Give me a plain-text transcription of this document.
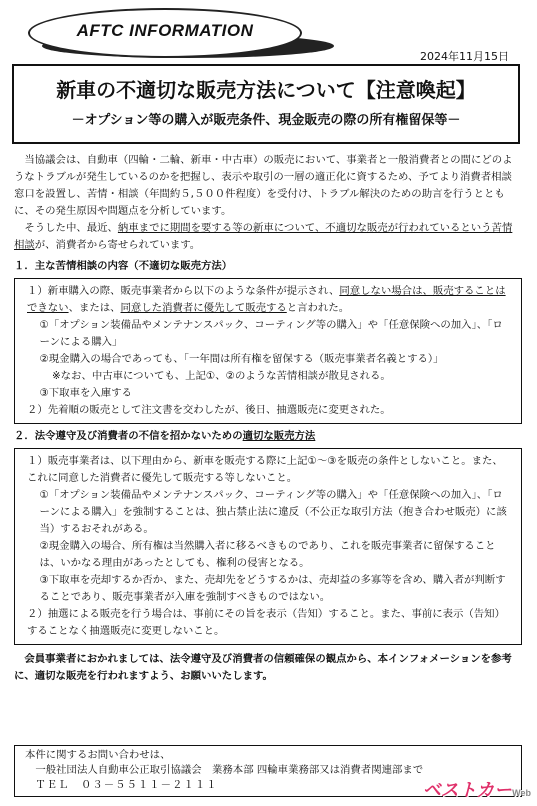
AFTC INFORMATION
2024年11月15日
新車の不適切な販売方法について【注意喚起】
－オプション等の購入が販売条件、現金販売の際の所有権留保等－

当協議会は、自動車（四輪・二輪、新車・中古車）の販売において、事業者と一般消費者との間にどのようなトラブルが発生しているのかを把握し、表示や取引の一層の適正化に資するため、予てより消費者相談窓口を設置し、苦情・相談（年間約５,５００件程度）を受付け、トラブル解決のための助言を行うとともに、その発生原因や問題点を分析しています。

そうした中、最近、納車までに期間を要する等の新車について、不適切な販売が行われているという苦情相談が、消費者から寄せられています。

１．主な苦情相談の内容（不適切な販売方法）
１）新車購入の際、販売事業者から以下のような条件が提示され、同意しない場合は、販売することはできない、または、同意した消費者に優先して販売すると言われた。
①「オプション装備品やメンテナンスパック、コーティング等の購入」や「任意保険への加入」、「ローンによる購入」
②現金購入の場合であっても、「一年間は所有権を留保する（販売事業者名義とする）」
※なお、中古車についても、上記①、②のような苦情相談が散見される。
③下取車を入庫する
２）先着順の販売として注文書を交わしたが、後日、抽選販売に変更された。
２．法令遵守及び消費者の不信を招かないための適切な販売方法
１）販売事業者は、以下理由から、新車を販売する際に上記①～③を販売の条件としないこと。また、これに同意した消費者に優先して販売する等しないこと。
①「オプション装備品やメンテナンスパック、コーティング等の購入」や「任意保険への加入」、「ローンによる購入」を強制することは、独占禁止法に違反（不公正な取引方法（抱き合わせ販売）に該当）するおそれがある。
②現金購入の場合、所有権は当然購入者に移るべきものであり、これを販売事業者に留保することは、いかなる理由があったとしても、権利の侵害となる。
③下取車を売却するか否か、また、売却先をどうするかは、売却益の多寡等を含め、購入者が判断することであり、販売事業者が入庫を強制すべきものではない。
２）抽選による販売を行う場合は、事前にその旨を表示（告知）すること。また、事前に表示（告知）することなく抽選販売に変更しないこと。
会員事業者におかれましては、法令遵守及び消費者の信頼確保の観点から、本インフォメーションを参考に、適切な販売を行われますよう、お願いいたします。
本件に関するお問い合わせは、
一般社団法人自動車公正取引協議会　業務本部 四輪車業務部又は消費者関連部まで
ＴＥＬ　０３－５５１１－２１１１	ベストカーWeb
